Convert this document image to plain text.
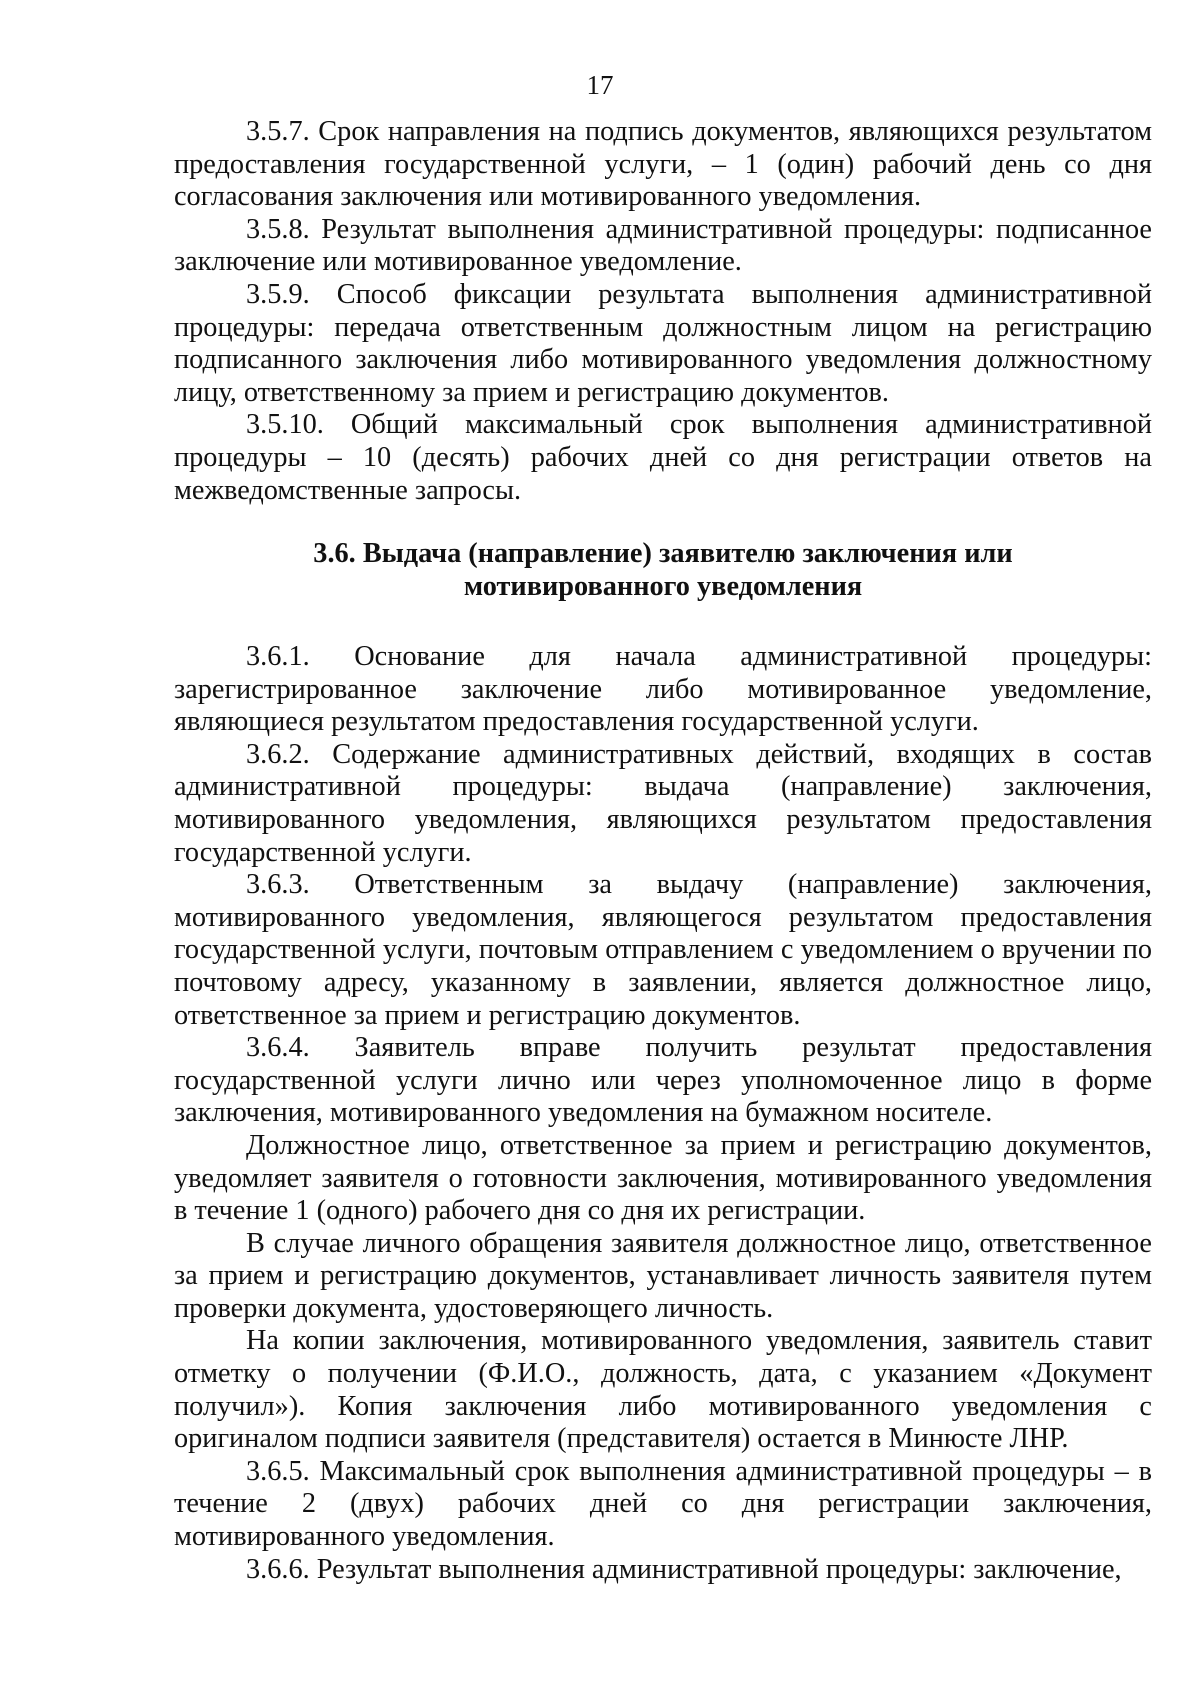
17

3.5.7. Срок направления на подпись документов, являющихся результатом предоставления государственной услуги, – 1 (один) рабочий день со дня согласования заключения или мотивированного уведомления.

3.5.8. Результат выполнения административной процедуры: подписанное заключение или мотивированное уведомление.

3.5.9. Способ фиксации результата выполнения административной процедуры: передача ответственным должностным лицом на регистрацию подписанного заключения либо мотивированного уведомления должностному лицу, ответственному за прием и регистрацию документов.

3.5.10. Общий максимальный срок выполнения административной процедуры – 10 (десять) рабочих дней со дня регистрации ответов на межведомственные запросы.

3.6. Выдача (направление) заявителю заключения или
мотивированного уведомления

3.6.1. Основание для начала административной процедуры: зарегистрированное заключение либо мотивированное уведомление, являющиеся результатом предоставления государственной услуги.

3.6.2. Содержание административных действий, входящих в состав административной процедуры: выдача (направление) заключения, мотивированного уведомления, являющихся результатом предоставления государственной услуги.

3.6.3. Ответственным за выдачу (направление) заключения, мотивированного уведомления, являющегося результатом предоставления государственной услуги, почтовым отправлением с уведомлением о вручении по почтовому адресу, указанному в заявлении, является должностное лицо, ответственное за прием и регистрацию документов.

3.6.4. Заявитель вправе получить результат предоставления государственной услуги лично или через уполномоченное лицо в форме заключения, мотивированного уведомления на бумажном носителе.

Должностное лицо, ответственное за прием и регистрацию документов, уведомляет заявителя о готовности заключения, мотивированного уведомления в течение 1 (одного) рабочего дня со дня их регистрации.

В случае личного обращения заявителя должностное лицо, ответственное за прием и регистрацию документов, устанавливает личность заявителя путем проверки документа, удостоверяющего личность.

На копии заключения, мотивированного уведомления, заявитель ставит отметку о получении (Ф.И.О., должность, дата, с указанием «Документ получил»). Копия заключения либо мотивированного уведомления с оригиналом подписи заявителя (представителя) остается в Минюсте ЛНР.

3.6.5. Максимальный срок выполнения административной процедуры – в течение 2 (двух) рабочих дней со дня регистрации заключения, мотивированного уведомления.

3.6.6. Результат выполнения административной процедуры: заключение,
